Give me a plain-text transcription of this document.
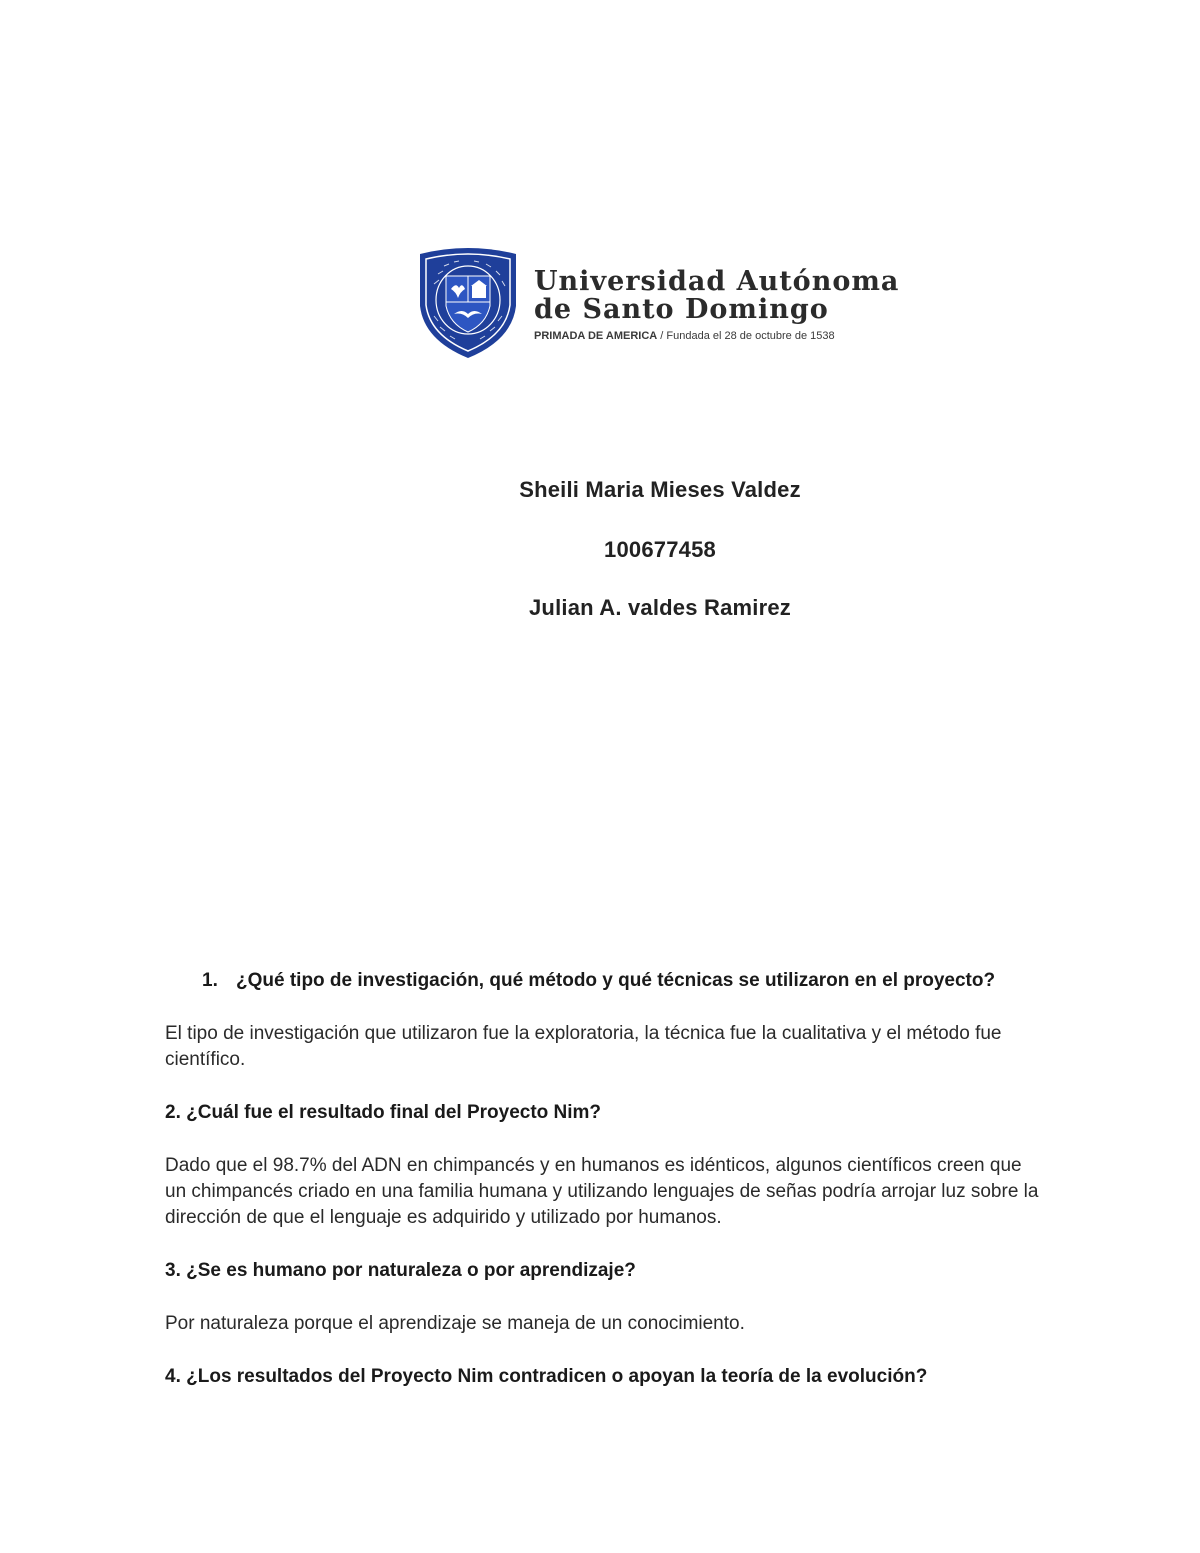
Universidad Autónoma
de Santo Domingo
PRIMADA DE AMERICA / Fundada el 28 de octubre de 1538
Sheili Maria Mieses Valdez
100677458
Julian A. valdes Ramirez
1. ¿Qué tipo de investigación, qué método y qué técnicas se utilizaron en el proyecto?
El tipo de investigación que utilizaron fue la exploratoria, la técnica fue la cualitativa y el método fue científico.
2. ¿Cuál fue el resultado final del Proyecto Nim?
Dado que el 98.7% del ADN en chimpancés y en humanos es idénticos, algunos científicos creen que un chimpancés criado en una familia humana y utilizando lenguajes de señas podría arrojar luz sobre la dirección de que el lenguaje es adquirido y utilizado por humanos.
3. ¿Se es humano por naturaleza o por aprendizaje?
Por naturaleza porque el aprendizaje se maneja de un conocimiento.
4. ¿Los resultados del Proyecto Nim contradicen o apoyan la teoría de la evolución?
